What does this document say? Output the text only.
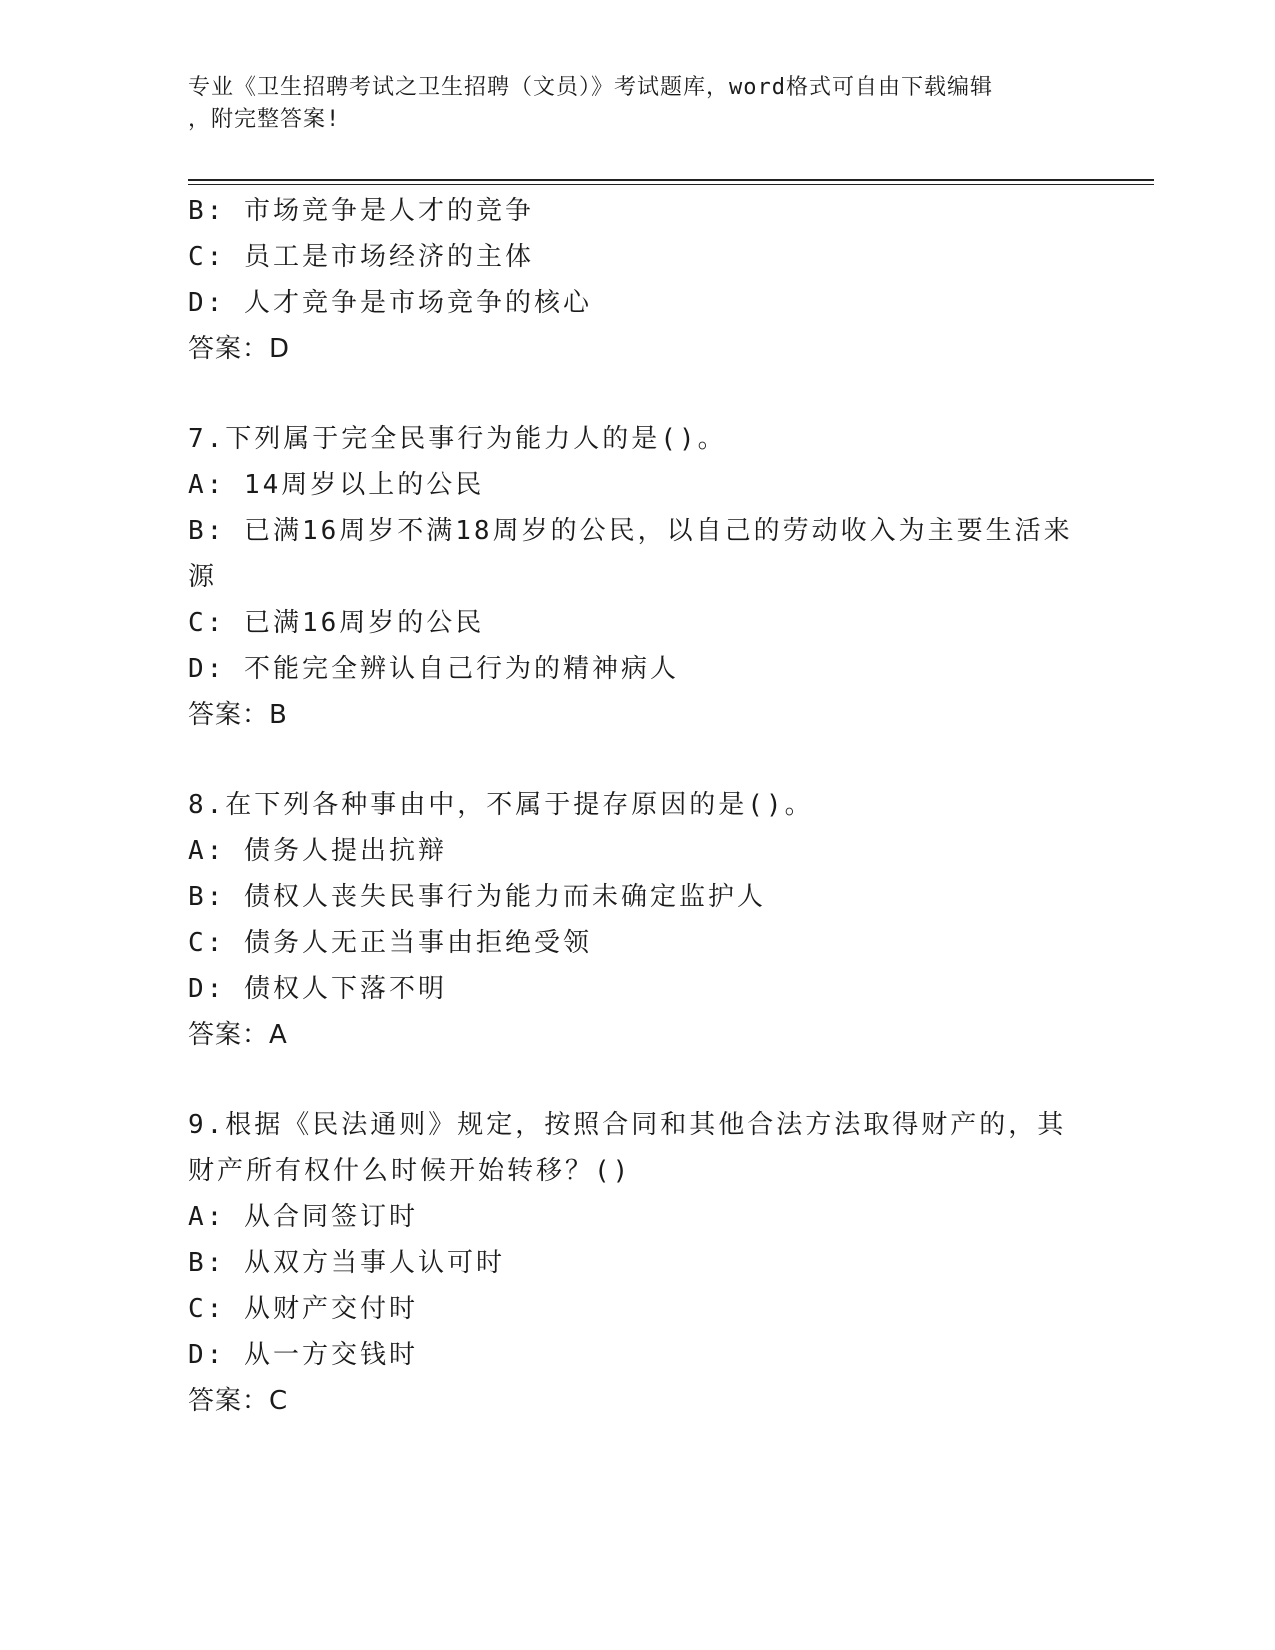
专业《卫生招聘考试之卫生招聘（文员）》考试题库，word格式可自由下载编辑
，附完整答案!
B: 市场竞争是人才的竞争
C: 员工是市场经济的主体
D: 人才竞争是市场竞争的核心
答案：D
7.下列属于完全民事行为能力人的是()。
A: 14周岁以上的公民
B: 已满16周岁不满18周岁的公民，以自己的劳动收入为主要生活来
源
C: 已满16周岁的公民
D: 不能完全辨认自己行为的精神病人
答案：B
8.在下列各种事由中，不属于提存原因的是()。
A: 债务人提出抗辩
B: 债权人丧失民事行为能力而未确定监护人
C: 债务人无正当事由拒绝受领
D: 债权人下落不明
答案：A
9.根据《民法通则》规定，按照合同和其他合法方法取得财产的，其
财产所有权什么时候开始转移？()
A: 从合同签订时
B: 从双方当事人认可时
C: 从财产交付时
D: 从一方交钱时
答案：C
